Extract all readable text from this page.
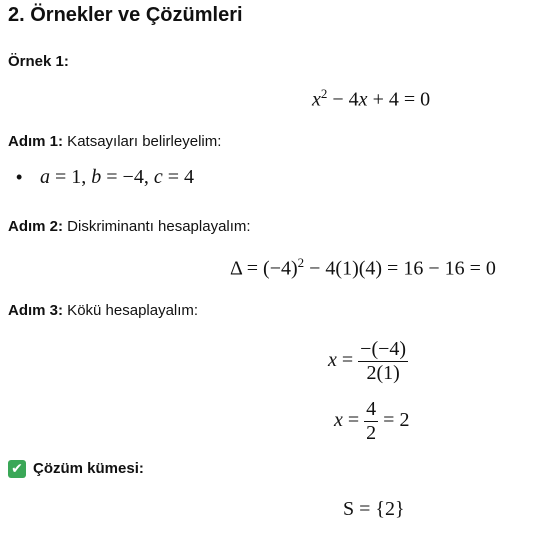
2. Örnekler ve Çözümleri
Örnek 1:
$x^2 - 4x + 4 = 0$
Adım 1: Katsayıları belirleyelim:
• a = 1, b = −4, c = 4
Adım 2: Diskriminantı hesaplayalım:
$\Delta = (-4)^2 - 4(1)(4) = 16 - 16 = 0$
Adım 3: Kökü hesaplayalım:
$x = \frac{-(-4)}{2(1)}$
$x = \frac{4}{2} = 2$
✔ Çözüm kümesi:
S = {2}
